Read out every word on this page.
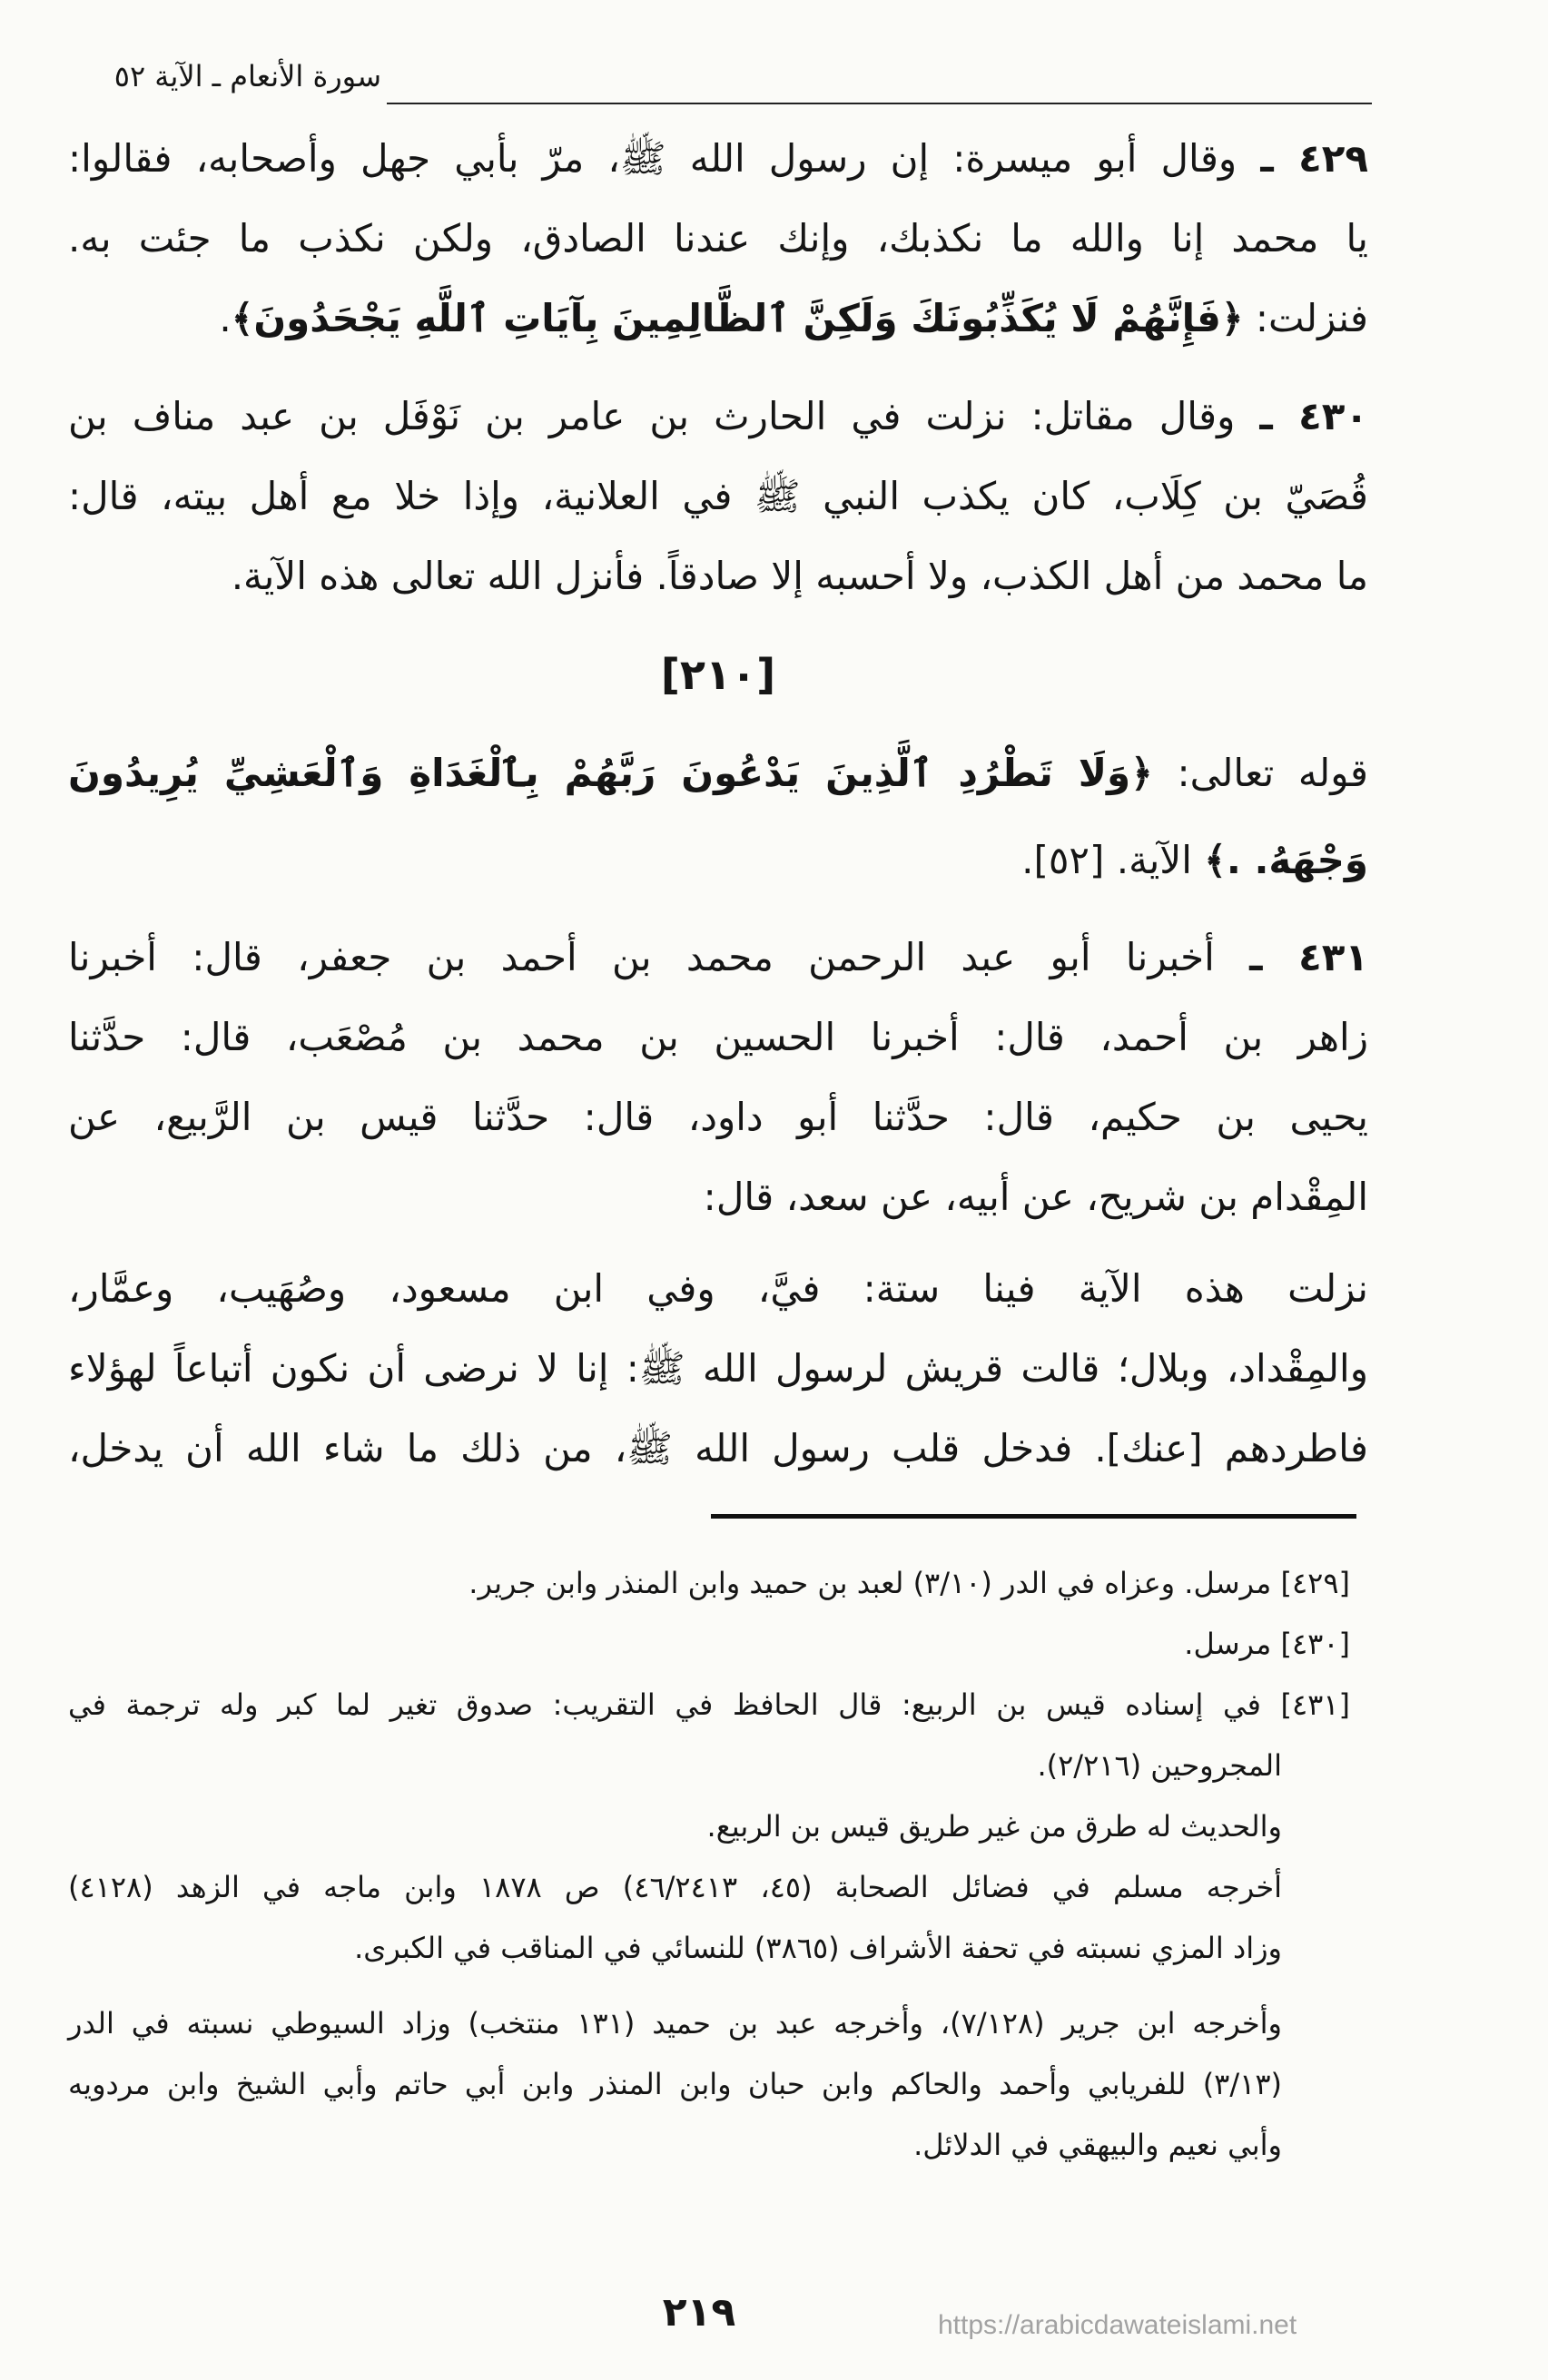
سورة الأنعام ـ الآية ٥٢
٤٢٩ ـ وقال أبو ميسرة: إن رسول الله ﷺ، مرّ بأبي جهل وأصحابه، فقالوا:
يا محمد إنا والله ما نكذبك، وإنك عندنا الصادق، ولكن نكذب ما جئت به.
فنزلت: ﴿فَإِنَّهُمْ لَا يُكَذِّبُونَكَ وَلَكِنَّ ٱلظَّالِمِينَ بِآيَاتِ ٱللَّهِ يَجْحَدُونَ﴾.
٤٣٠ ـ وقال مقاتل: نزلت في الحارث بن عامر بن نَوْفَل بن عبد مناف بن
قُصَيّ بن كِلَاب، كان يكذب النبي ﷺ في العلانية، وإذا خلا مع أهل بيته، قال:
ما محمد من أهل الكذب، ولا أحسبه إلا صادقاً. فأنزل الله تعالى هذه الآية.
[٢١٠]
قوله تعالى: ﴿وَلَا تَطْرُدِ ٱلَّذِينَ يَدْعُونَ رَبَّهُمْ بِٱلْغَدَاةِ وَٱلْعَشِيِّ يُرِيدُونَ
وَجْهَهُ. .﴾ الآية. [٥٢].
٤٣١ ـ أخبرنا أبو عبد الرحمن محمد بن أحمد بن جعفر، قال: أخبرنا
زاهر بن أحمد، قال: أخبرنا الحسين بن محمد بن مُصْعَب، قال: حدَّثنا
يحيى بن حكيم، قال: حدَّثنا أبو داود، قال: حدَّثنا قيس بن الرَّبيع، عن
المِقْدام بن شريح، عن أبيه، عن سعد، قال:
نزلت هذه الآية فينا ستة: فيَّ، وفي ابن مسعود، وصُهَيب، وعمَّار،
والمِقْداد، وبلال؛ قالت قريش لرسول الله ﷺ: إنا لا نرضى أن نكون أتباعاً لهؤلاء
فاطردهم [عنك]. فدخل قلب رسول الله ﷺ، من ذلك ما شاء الله أن يدخل،
[٤٢٩] مرسل. وعزاه في الدر (٣/١٠) لعبد بن حميد وابن المنذر وابن جرير.
[٤٣٠] مرسل.
[٤٣١] في إسناده قيس بن الربيع: قال الحافظ في التقريب: صدوق تغير لما كبر وله ترجمة في
المجروحين (٢/٢١٦).
والحديث له طرق من غير طريق قيس بن الربيع.
أخرجه مسلم في فضائل الصحابة (٤٥، ٤٦/٢٤١٣) ص ١٨٧٨ وابن ماجه في الزهد (٤١٢٨)
وزاد المزي نسبته في تحفة الأشراف (٣٨٦٥) للنسائي في المناقب في الكبرى.
وأخرجه ابن جرير (٧/١٢٨)، وأخرجه عبد بن حميد (١٣١ منتخب) وزاد السيوطي نسبته في الدر
(٣/١٣) للفريابي وأحمد والحاكم وابن حبان وابن المنذر وابن أبي حاتم وأبي الشيخ وابن مردويه
وأبي نعيم والبيهقي في الدلائل.
٢١٩	https://arabicdawateislami.net
